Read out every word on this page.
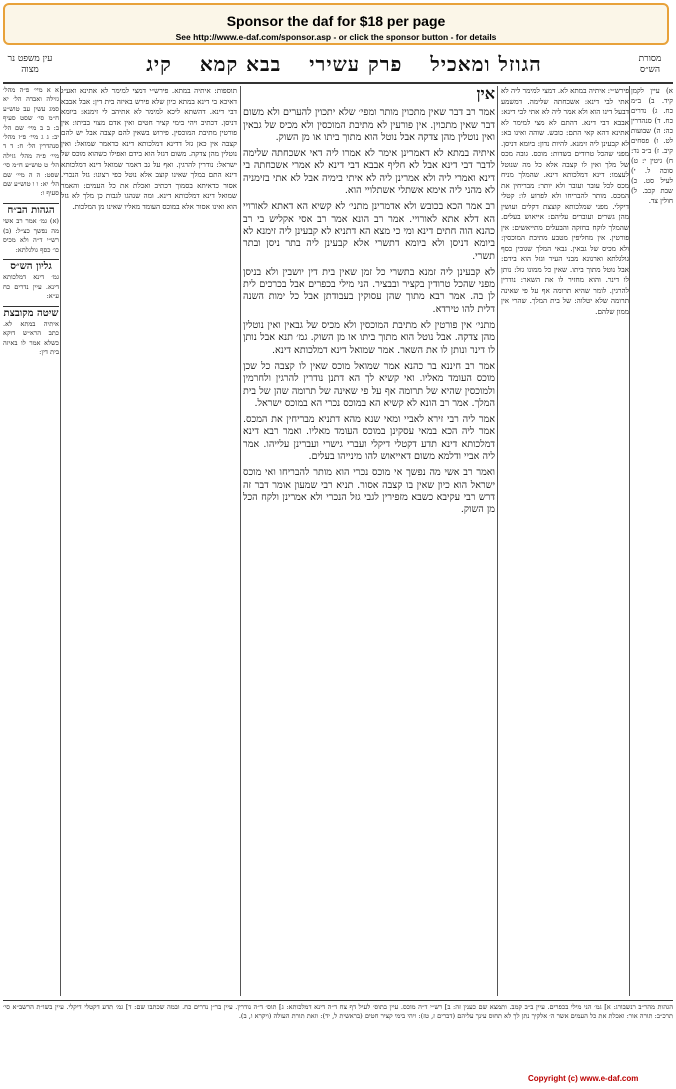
Sponsor the daf for $18 per page
See http://www.e-daf.com/sponsor.asp - or click the sponsor button - for details
מסורת הש״ס
הגוזל ומאכיל פרק עשירי בבא קמא קיג
עין משפט נר מצוה
א) עיין לקמן קיד. ב) ב״מ כח. ג) נדרים כח. ד) סנהדרין כה: ה) שבועות לט. ו) פסחים קיב. ז) ב״ב נד: ח) גיטין י: ט) סוכה ל. י) לעיל סט. כ) שבת קכב. ל) חולין צד.
פירש״י: איתיה במתא לא. דמצי למימר ליה לא אתי לבי דינא: אשכחתה שלימה. דמשמע דבעל דינו הוא ולא אמר ליה לא אתי לבי דינא: אבבא דבי דינא. דהתם לא מצי למימר לא אתינא דהא קאי התם: כובש. שוהה ואינו בא: לא קבעינן ליה זימנא. להיות נדון: ביומא דניסן. מפני שהכל טרודים בשדות: מוכס. גובה מכס של מלך ואין לו קצבה אלא כל מה שנוטל לעצמו: דינא דמלכותא דינא. שהמלך מניח מכס לכל עובר ועובר ולא יותר: מבריחין את המכס. מותר להבריחו ולא לפרוע לו: קטלי דיקלי. מפני שמלכותא קוצצת דקלים ועושין מהן גשרים ועוברים עליהם: אייאוש בעלים. שהמלך לוקח בחזקה והבעלים מתייאשים: אין פורטין. אין מחליפין מטבע מתיבת המוכסין: ולא מכיס של גבאין. גבאי המלך שגובין כסף גולגלתא וארנונא מבני העיר וגזל הוא בידם: אבל נוטל מתוך ביתו. שאין כל ממונו גזל: נותן לו דינר. והוא מחזיר לו את השאר: נודרין להרגין. לומר שהיא תרומה אף על פי שאינה תרומה שלא יטלוה: של בית המלך. שהרי אין ממון שלהם.

אין

אמר רב דבר שאין מתכוין מותר ומפי׳ שלא יתכוין להערים ולא משום דבר שאין מתכוין. אין פורעין לא מתיבת המוכסין ולא מכיס של גבאין ואין נוטלין מהן צדקה אבל נוטל הוא מתוך ביתו או מן השוק.

איתיה במתא לא דאמרינן אימר לא אמרו ליה דאי אשכחתה שלימה לדבר דבי דינא אבל לא חליף אבבא דבי דינא לא אמרי אשכחתה בי דינא ואמרי ליה ולא אמרינן ליה לא איתי בימיה אבל לא אתי בזימניה לא מהני ליה אימא אשתלי אשתלויי הוא.

רב אמר הכא בכובש ולא אדמרינן מתני׳ לא קשיא הא דאתא לאורויי הא דלא אתא לאורויי. אמר רב הונא אמר רב אסי אקליש בי רב כהנא הוה חתים דינא ומי כי מצא הא דתניא לא קבעינן ליה זימנא לא ביומא דניסן ולא ביומא דתשרי אלא קבעינן ליה בתר ניסן ובתר תשרי.

לא קבעינן ליה זמנא בתשרי כל זמן שאין בית דין יושבין ולא בניסן מפני שהכל טרודין בקציר ובבציר. הני מילי בכפרים אבל בכרכים לית לן בה. אמר רבא מתוך שהן עסוקין בעבודתן אבל כל ימות השנה דלית להו טירדא.

מתני׳ אין פורטין לא מתיבת המוכסין ולא מכיס של גבאין ואין נוטלין מהן צדקה. אבל נוטל הוא מתוך ביתו או מן השוק. גמ׳ תנא אבל נותן לו דינר ונותן לו את השאר. אמר שמואל דינא דמלכותא דינא.

אמר רב חיננא בר כהנא אמר שמואל מוכס שאין לו קצבה כל שכן מוכס העומד מאליו. ואי קשיא לך הא דתנן נודרין להרגין ולחרמין ולמוכסין שהיא של תרומה אף על פי שאינה של תרומה שהן של בית המלך. אמר רב הונא לא קשיא הא במוכס נכרי הא במוכס ישראל.

אמר ליה רבי זירא לאביי ומאי שנא מהא דתניא מבריחין את המכס. אמר ליה הכא במאי עסקינן במוכס העומד מאליו. ואמר רבא דינא דמלכותא דינא תדע דקטלי דיקלי ועברי גישרי ועברינן עלייהו. אמר ליה אביי ודלמא משום דאייאוש להו מינייהו בעלים.

ואמר רב אשי מה נפשך אי מוכס נכרי הוא מותר להבריחו ואי מוכס ישראל הוא כיון שאין בו קצבה אסור. תניא רבי שמעון אומר דבר זה דרש רבי עקיבא כשבא מזפירין לגבי גזל הנכרי ולא אמרינן ולקח הכל מן השוק.

תוספות: איתיה במתא. פירש״י דמצי למימר לא אתינא ואע״ג דאיכא בי דינא במתא כיון שלא פירש באיזה בית דין: אבל אבבא דבי דינא. דהשתא ליכא למימר לא אתיהב לי זימנא: ביומא דניסן. דכתיב ויהי בימי קציר חטים ואין אדם מצוי בביתו: אין פורטין מתיבת המוכסין. פירוש בשאין להם קצבה אבל יש להם קצבה אין כאן גזל דדינא דמלכותא דינא כדאמר שמואל: ואין נוטלין מהן צדקה. משום דגזל הוא בידם ואפילו כשהוא מוכס של ישראל: נודרין להרגין. ואף על גב דאמר שמואל דינא דמלכותא דינא התם במלך שאינו קוצב אלא נוטל כפי רצונו: גזל הנכרי. אסור כדאיתא בסמוך דכתיב ואכלת את כל העמים: והאמר שמואל דינא דמלכותא דינא. ומה שנהגו לגבות כן מלך לא גזל הוא ואינו אסור אלא במוכס העומד מאליו שאינו מן המלכות.
א א מיי׳ פ״ה מהל׳ גזילה ואבדה הל׳ יא סמג עשין עב טוש״ע ח״מ סי׳ שסט סעיף ב: ב ב מיי׳ שם הל׳ יב: ג ג מיי׳ פ״ז מהל׳ סנהדרין הל׳ ח: ד ד מיי׳ פ״ה מהל׳ גזילה הל׳ ט טוש״ע ח״מ סי׳ שסט: ה ה מיי׳ שם הל׳ יא: ו ו טוש״ע שם סעיף ו:
הגהות הב״ח
(א) גמ׳ אמר רב אשי מה נפשך כצ״ל: (ב) רש״י ד״ה ולא מכיס כו׳ כסף גולגלתא:
גליון הש״ס
גמ׳ דינא דמלכותא דינא. עיין נדרים כח ע״א:
שיטה מקובצת
איתיה במתא לא. כתב הרא״ש דוקא כשלא אמר לו באיזה בית דין:
הגהות מהר״ב רנשבורג: א] גמ׳ הני מילי בכפרים. עיין ב״ב קמב. ותמצא שם כענין זה: ב] רש״י ד״ה מוכס. עיין בתוס׳ לעיל דף צח ד״ה דינא דמלכותא: ג] תוס׳ ד״ה נודרין. עיין בר״ן נדרים כח. ובמה שכתבו שם: ד] גמ׳ תדע דקטלי דיקלי. עיין בשו״ת הרשב״א סי׳ תרכ״ב: תורה אור: ואכלת את כל העמים אשר ה׳ אלקיך נתן לך לא תחוס עינך עליהם (דברים ז, טז): ויהי בימי קציר חטים (בראשית ל, יד): וזאת תורת העולה (ויקרא ו, ב).
Copyright (c) www.e-daf.com
